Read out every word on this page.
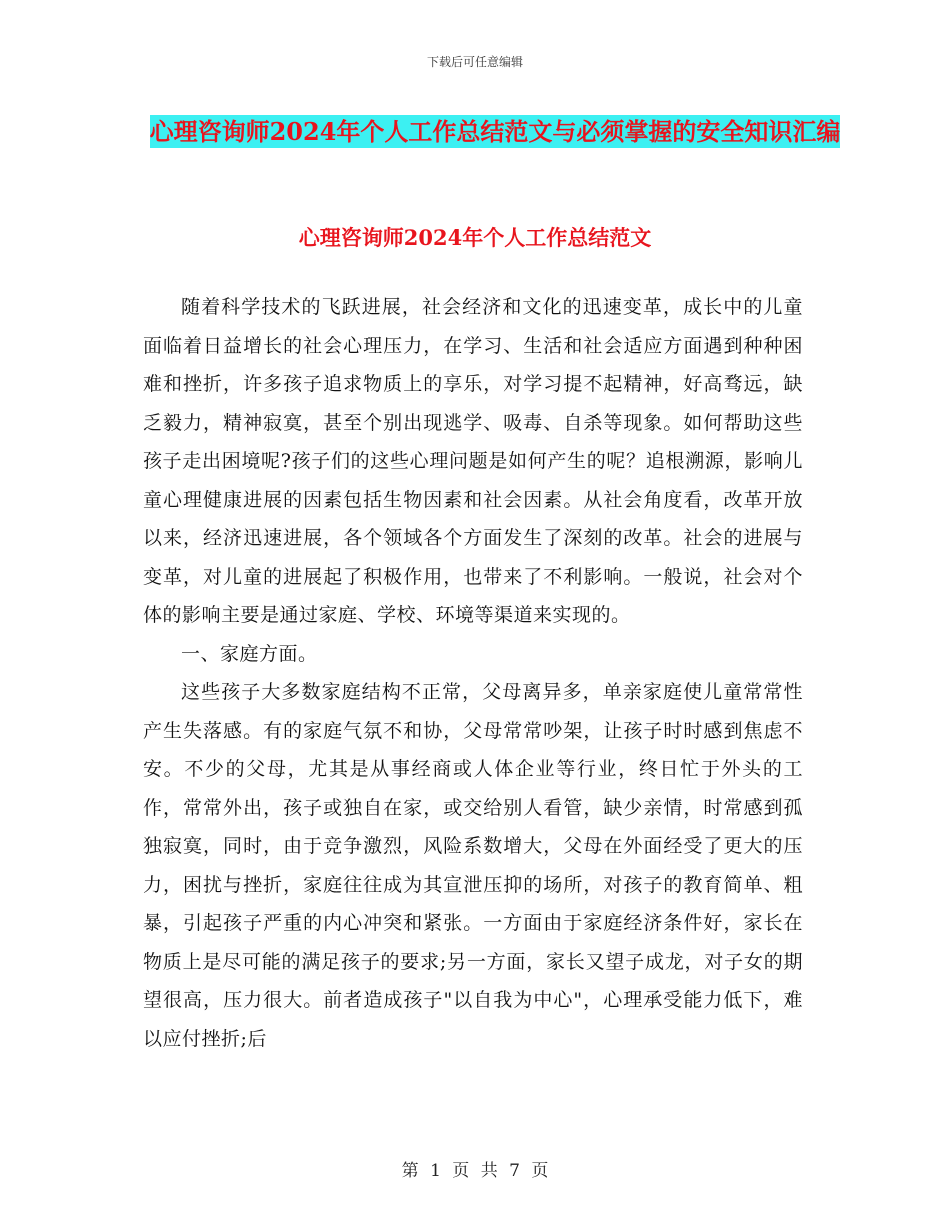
下载后可任意编辑
心理咨询师2024年个人工作总结范文与必须掌握的安全知识汇编
心理咨询师2024年个人工作总结范文

随着科学技术的飞跃进展，社会经济和文化的迅速变革，成长中的儿童面临着日益增长的社会心理压力，在学习、生活和社会适应方面遇到种种困难和挫折，许多孩子追求物质上的享乐，对学习提不起精神，好高骛远，缺乏毅力，精神寂寞，甚至个别出现逃学、吸毒、自杀等现象。如何帮助这些孩子走出困境呢?孩子们的这些心理问题是如何产生的呢？追根溯源，影响儿童心理健康进展的因素包括生物因素和社会因素。从社会角度看，改革开放以来，经济迅速进展，各个领域各个方面发生了深刻的改革。社会的进展与变革，对儿童的进展起了积极作用，也带来了不利影响。一般说，社会对个体的影响主要是通过家庭、学校、环境等渠道来实现的。

一、家庭方面。

这些孩子大多数家庭结构不正常，父母离异多，单亲家庭使儿童常常性产生失落感。有的家庭气氛不和协，父母常常吵架，让孩子时时感到焦虑不安。不少的父母，尤其是从事经商或人体企业等行业，终日忙于外头的工作，常常外出，孩子或独自在家，或交给别人看管，缺少亲情，时常感到孤独寂寞，同时，由于竞争激烈，风险系数增大，父母在外面经受了更大的压力，困扰与挫折，家庭往往成为其宣泄压抑的场所，对孩子的教育简单、粗暴，引起孩子严重的内心冲突和紧张。一方面由于家庭经济条件好，家长在物质上是尽可能的满足孩子的要求;另一方面，家长又望子成龙，对子女的期望很高，压力很大。前者造成孩子"以自我为中心"，心理承受能力低下，难以应付挫折;后

第 1 页 共 7 页
